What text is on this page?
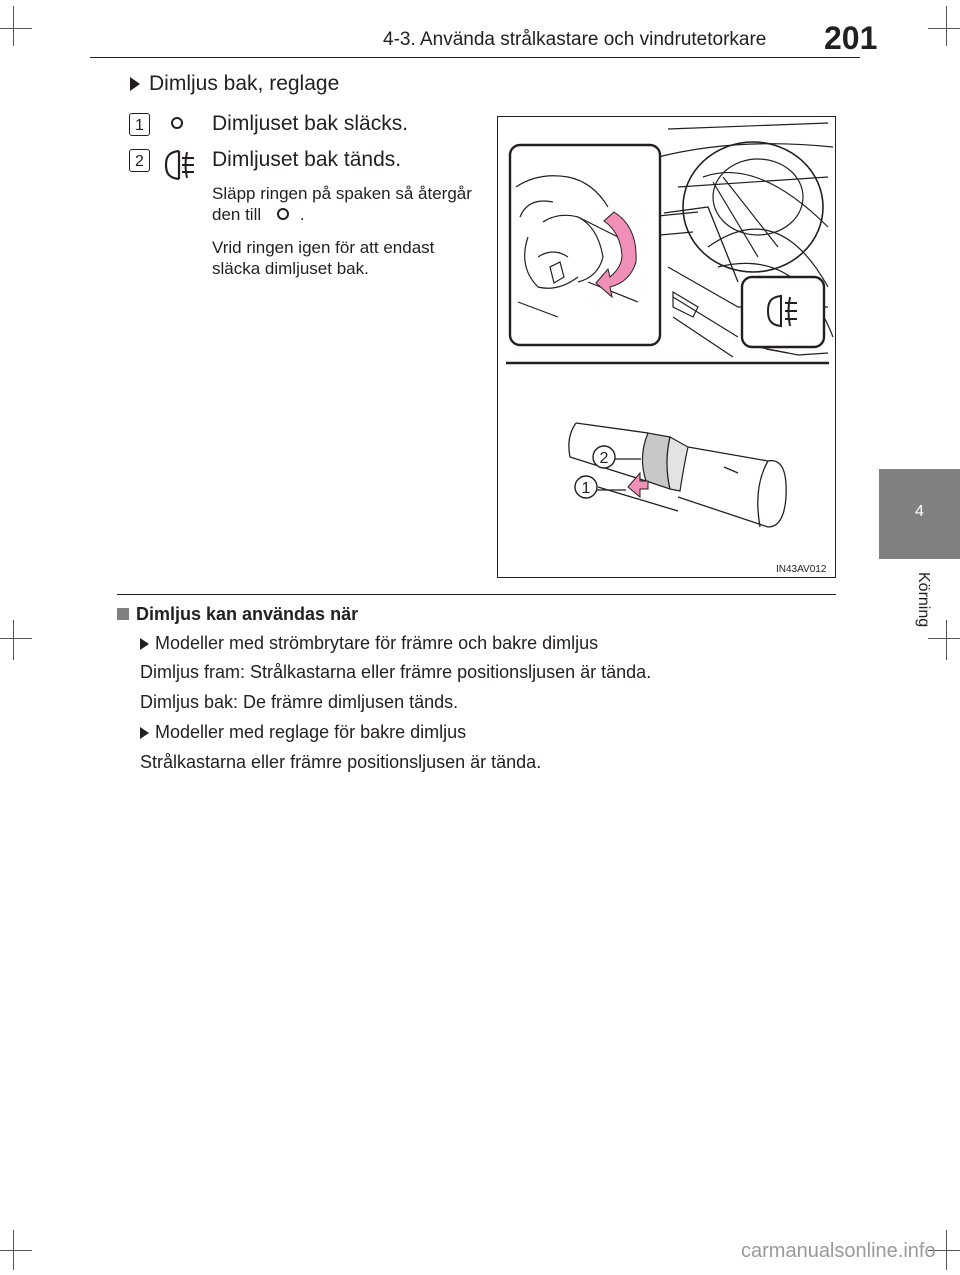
4-3. Använda strålkastare och vindrutetorkare 201
4
Körning
Dimljus bak, reglage
1	Dimljuset bak släcks.
2	Dimljuset bak tänds.
Släpp ringen på spaken så återgår den till .
Vrid ringen igen för att endast släcka dimljuset bak.
2
1
IN43AV012
Dimljus kan användas när
Modeller med strömbrytare för främre och bakre dimljus
Dimljus fram: Strålkastarna eller främre positionsljusen är tända.
Dimljus bak: De främre dimljusen tänds.
Modeller med reglage för bakre dimljus
Strålkastarna eller främre positionsljusen är tända.
carmanualsonline.info
